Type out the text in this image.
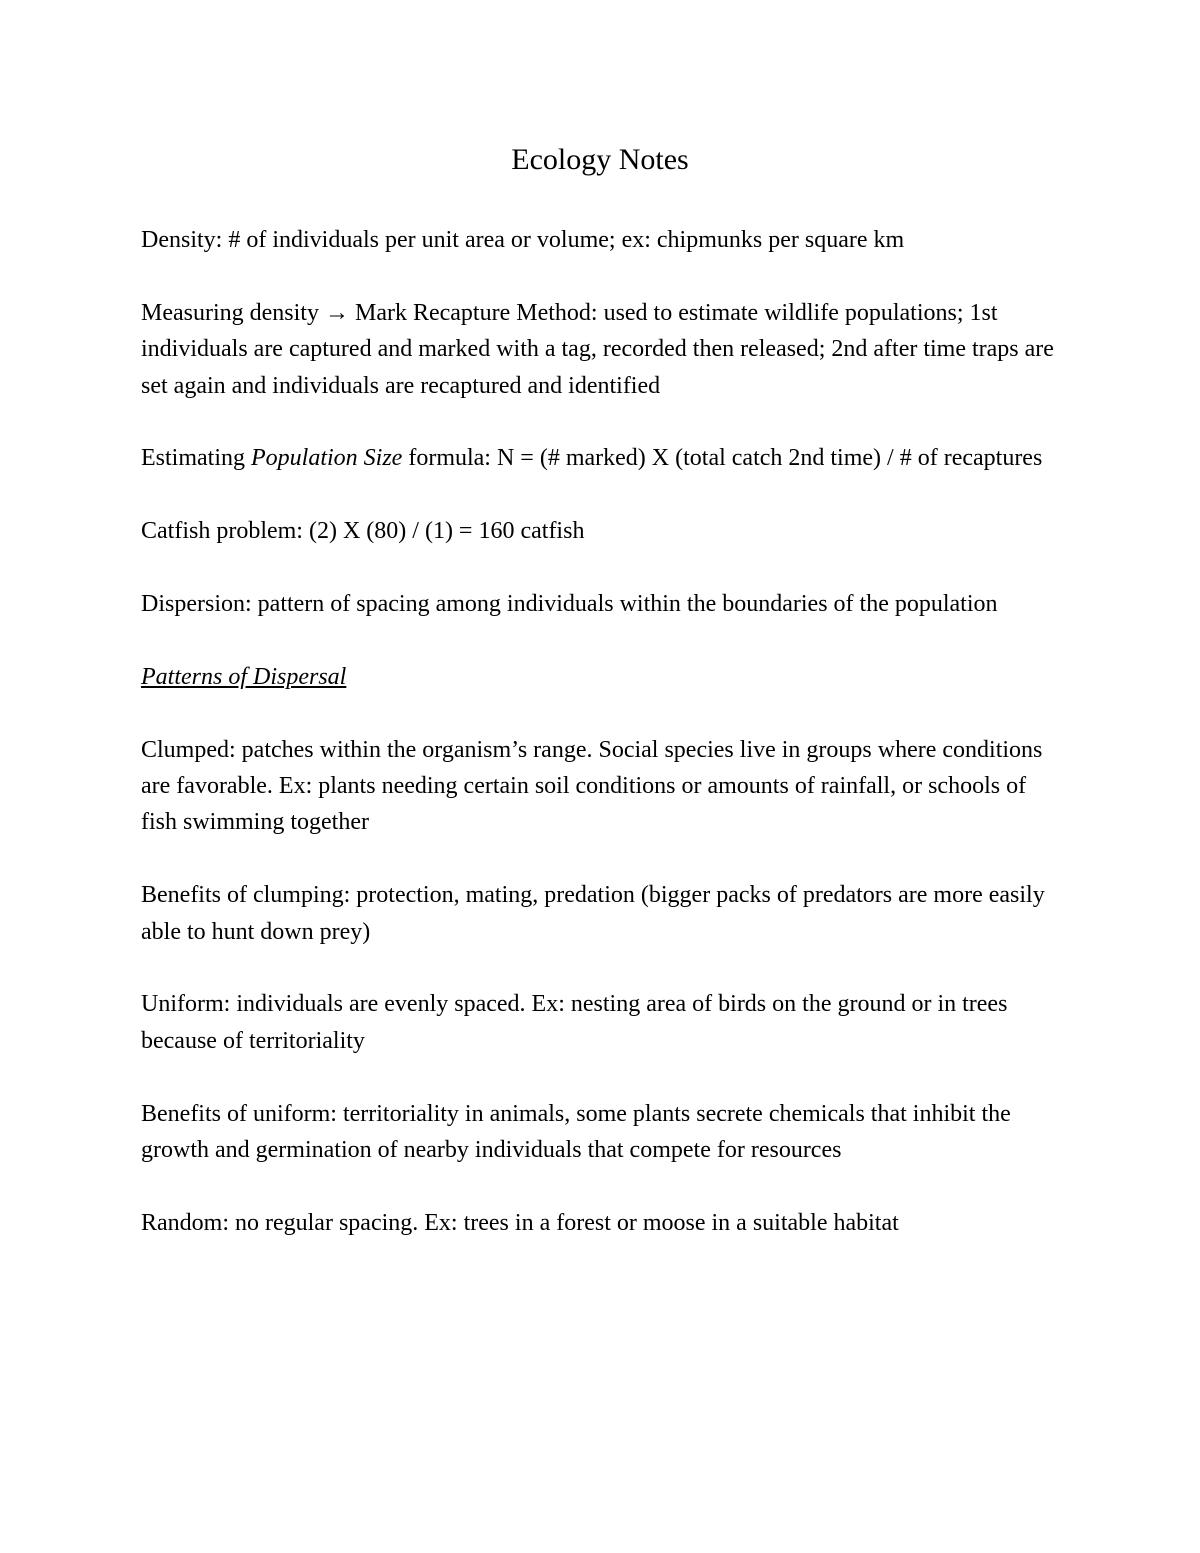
Ecology Notes

Density: # of individuals per unit area or volume; ex: chipmunks per square km

Measuring density → Mark Recapture Method: used to estimate wildlife populations; 1st individuals are captured and marked with a tag, recorded then released; 2nd after time traps are set again and individuals are recaptured and identified

Estimating Population Size formula: N = (# marked) X (total catch 2nd time) / # of recaptures

Catfish problem: (2) X (80) / (1) = 160 catfish

Dispersion: pattern of spacing among individuals within the boundaries of the population

Patterns of Dispersal

Clumped: patches within the organism’s range. Social species live in groups where conditions are favorable. Ex: plants needing certain soil conditions or amounts of rainfall, or schools of fish swimming together

Benefits of clumping: protection, mating, predation (bigger packs of predators are more easily able to hunt down prey)

Uniform: individuals are evenly spaced. Ex: nesting area of birds on the ground or in trees because of territoriality

Benefits of uniform: territoriality in animals, some plants secrete chemicals that inhibit the growth and germination of nearby individuals that compete for resources

Random: no regular spacing. Ex: trees in a forest or moose in a suitable habitat
